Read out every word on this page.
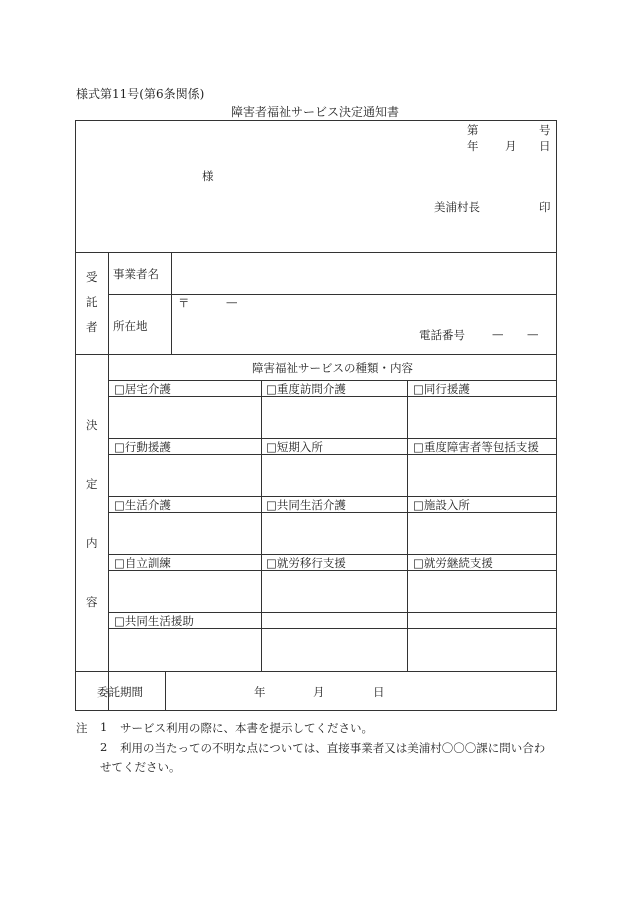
様式第11号(第6条関係)
障害者福祉サービス決定通知書
第	号
年 月 日
様
美浦村長	印
受
託
者
事業者名
所在地
〒	—
電話番号 — —
障害福祉サービスの種類・内容
決
定
内
容
□居宅介護	□重度訪問介護	□同行援護
□行動援護	□短期入所	□重度障害者等包括支援
□生活介護	□共同生活介護	□施設入所
□自立訓練	□就労移行支援	□就労継続支援
□共同生活援助
委託期間	年	月	日
注 1 サービス利用の際に、本書を提示してください。
2 利用の当たっての不明な点については、直接事業者又は美浦村〇〇〇課に問い合わ
せてください。
